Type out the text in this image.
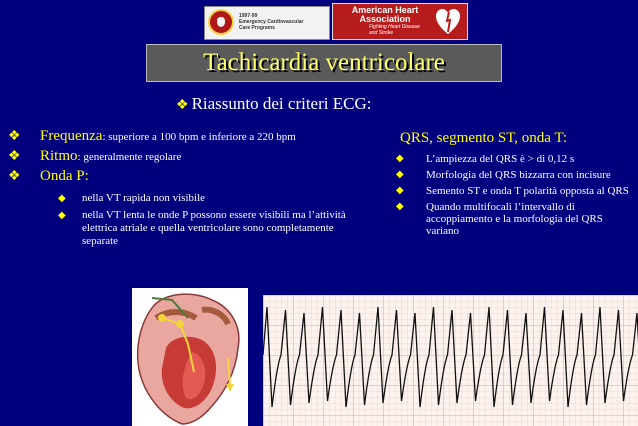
1997-99
Emergency Cardiovascular
Care Programs
American Heart Association
Fighting Heart Disease
and Stroke
Tachicardia ventricolare
❖ Riassunto dei criteri ECG:
❖	Frequenza : superiore a 100 bpm e inferiore a 220 bpm
❖	Ritmo : generalmente regolare
❖	Onda P :
◆	nella VT rapida non visibile
◆	nella VT lenta le onde P possono essere visibili ma l’attività elettrica atriale e quella ventricolare sono completamente separate
QRS, segmento ST, onda T:
◆	L’ampiezza del QRS è > di 0,12 s
◆	Morfologia del QRS bizzarra con incisure
◆	Semento ST e onda T polarità opposta al QRS
◆	Quando multifocali l’intervallo di accoppiamento e la morfologia del QRS variano
